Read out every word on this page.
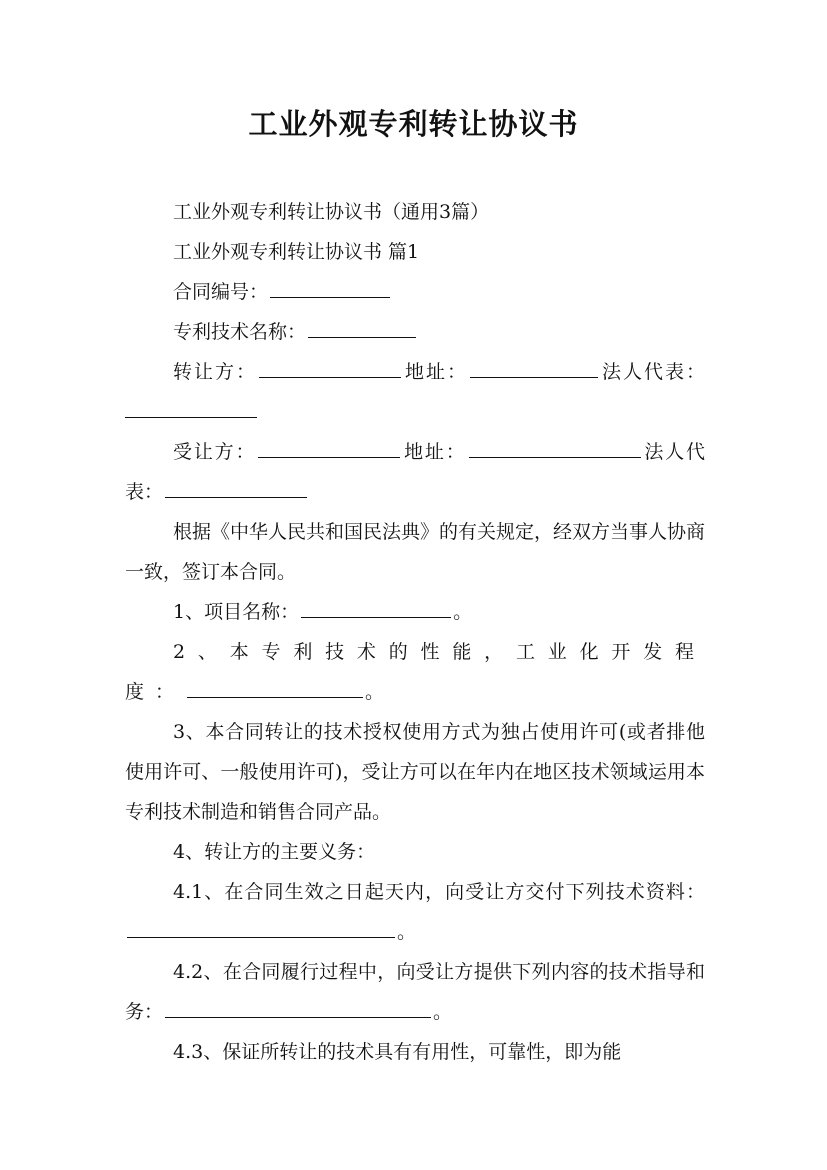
工业外观专利转让协议书

工业外观专利转让协议书（通用3篇）

工业外观专利转让协议书 篇1

合同编号：

专利技术名称：

转让方：	地址：	法人代表：

受让方：	地址：	法人代表：

根据《中华人民共和国民法典》的有关规定，经双方当事人协商一致，签订本合同。

1、项目名称：	。

2、本专利技术的性能，工业化开发程度：	。

3、本合同转让的技术授权使用方式为独占使用许可(或者排他使用许可、一般使用许可)，受让方可以在年内在地区技术领域运用本专利技术制造和销售合同产品。

4、转让方的主要义务：

4.1、在合同生效之日起天内，向受让方交付下列技术资料：。

4.2、在合同履行过程中，向受让方提供下列内容的技术指导和务：	。

4.3、保证所转让的技术具有有用性，可靠性，即为能
